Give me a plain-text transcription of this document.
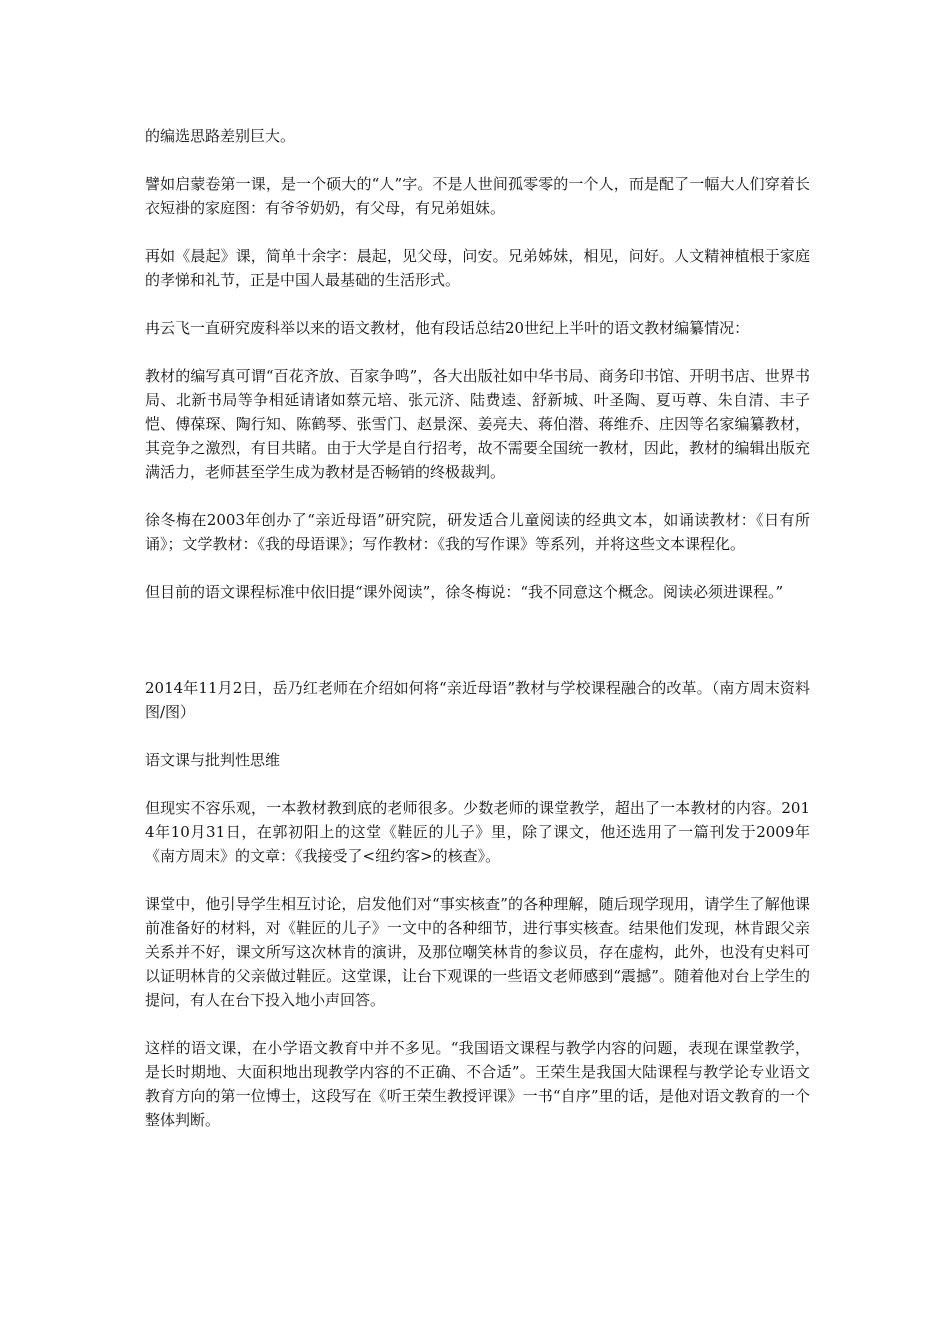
的编选思路差别巨大。

譬如启蒙卷第一课，是一个硕大的“人”字。不是人世间孤零零的一个人，而是配了一幅大人们穿着长衣短褂的家庭图：有爷爷奶奶，有父母，有兄弟姐妹。

再如《晨起》课，简单十余字：晨起，见父母，问安。兄弟姊妹，相见，问好。人文精神植根于家庭的孝悌和礼节，正是中国人最基础的生活形式。

冉云飞一直研究废科举以来的语文教材，他有段话总结20世纪上半叶的语文教材编纂情况：

教材的编写真可谓“百花齐放、百家争鸣”，各大出版社如中华书局、商务印书馆、开明书店、世界书局、北新书局等争相延请诸如蔡元培、张元济、陆费逵、舒新城、叶圣陶、夏丏尊、朱自清、丰子恺、傅葆琛、陶行知、陈鹤琴、张雪门、赵景深、姜亮夫、蒋伯潜、蒋维乔、庄因等名家编纂教材，其竞争之激烈，有目共睹。由于大学是自行招考，故不需要全国统一教材，因此，教材的编辑出版充满活力，老师甚至学生成为教材是否畅销的终极裁判。

徐冬梅在2003年创办了“亲近母语”研究院，研发适合儿童阅读的经典文本，如诵读教材：《日有所诵》；文学教材：《我的母语课》；写作教材：《我的写作课》等系列，并将这些文本课程化。

但目前的语文课程标准中依旧提“课外阅读”，徐冬梅说：“我不同意这个概念。阅读必须进课程。”

2014年11月2日，岳乃红老师在介绍如何将“亲近母语”教材与学校课程融合的改革。（南方周末资料图/图）

语文课与批判性思维

但现实不容乐观，一本教材教到底的老师很多。少数老师的课堂教学，超出了一本教材的内容。2014年10月31日，在郭初阳上的这堂《鞋匠的儿子》里，除了课文，他还选用了一篇刊发于2009年《南方周末》的文章：《我接受了<纽约客>的核查》。

课堂中，他引导学生相互讨论，启发他们对“事实核查”的各种理解，随后现学现用，请学生了解他课前准备好的材料，对《鞋匠的儿子》一文中的各种细节，进行事实核查。结果他们发现，林肯跟父亲关系并不好，课文所写这次林肯的演讲，及那位嘲笑林肯的参议员，存在虚构，此外，也没有史料可以证明林肯的父亲做过鞋匠。这堂课，让台下观课的一些语文老师感到“震撼”。随着他对台上学生的提问，有人在台下投入地小声回答。

这样的语文课，在小学语文教育中并不多见。“我国语文课程与教学内容的问题，表现在课堂教学，是长时期地、大面积地出现教学内容的不正确、不合适”。王荣生是我国大陆课程与教学论专业语文教育方向的第一位博士，这段写在《听王荣生教授评课》一书“自序”里的话，是他对语文教育的一个整体判断。
